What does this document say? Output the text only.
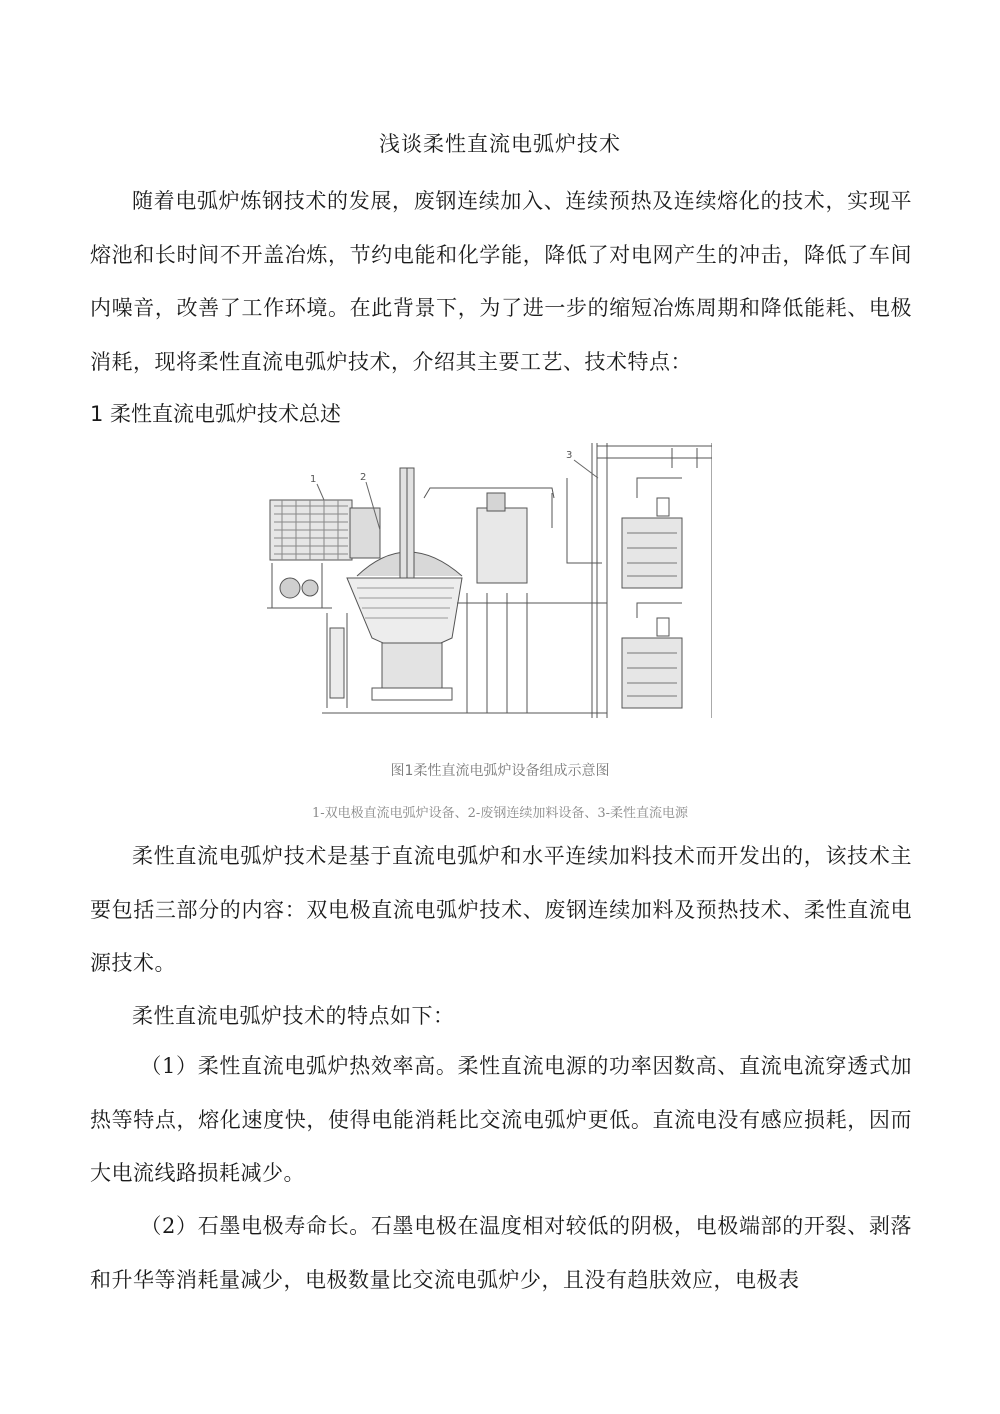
浅谈柔性直流电弧炉技术

随着电弧炉炼钢技术的发展，废钢连续加入、连续预热及连续熔化的技术，实现平熔池和长时间不开盖冶炼，节约电能和化学能，降低了对电网产生的冲击，降低了车间内噪音，改善了工作环境。在此背景下，为了进一步的缩短冶炼周期和降低能耗、电极消耗，现将柔性直流电弧炉技术，介绍其主要工艺、技术特点：

1 柔性直流电弧炉技术总述
1	2
3
图1柔性直流电弧炉设备组成示意图
1-双电极直流电弧炉设备、2-废钢连续加料设备、3-柔性直流电源

柔性直流电弧炉技术是基于直流电弧炉和水平连续加料技术而开发出的，该技术主要包括三部分的内容：双电极直流电弧炉技术、废钢连续加料及预热技术、柔性直流电源技术。

柔性直流电弧炉技术的特点如下：

（1）柔性直流电弧炉热效率高。柔性直流电源的功率因数高、直流电流穿透式加热等特点，熔化速度快，使得电能消耗比交流电弧炉更低。直流电没有感应损耗，因而大电流线路损耗减少。

（2）石墨电极寿命长。石墨电极在温度相对较低的阴极，电极端部的开裂、剥落和升华等消耗量减少，电极数量比交流电弧炉少，且没有趋肤效应，电极表
